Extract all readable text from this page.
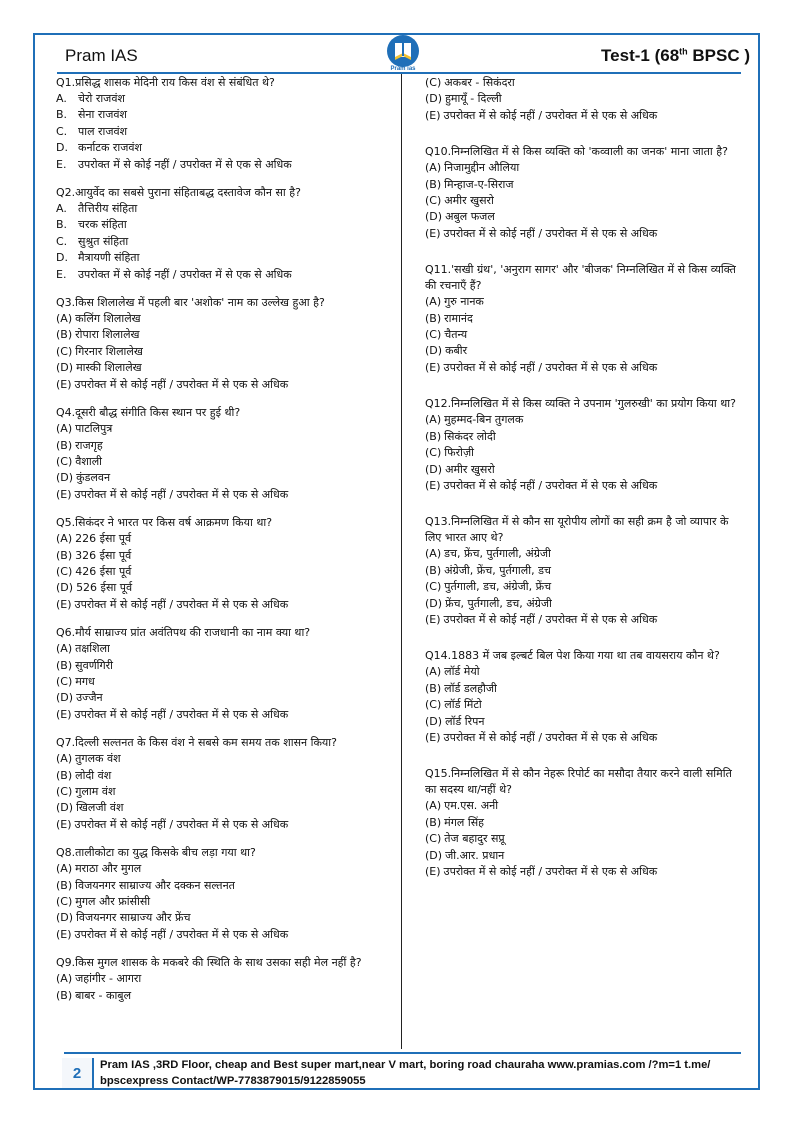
Pram IAS
Pram ias
Test-1 (68th BPSC )
Q1.प्रसिद्ध शासक मेदिनी राय किस वंश से संबंधित थे?
A.	चेरो राजवंश
B. सेना राजवंश
C. पाल राजवंश
D. कर्नाटक राजवंश
E.	उपरोक्त में से कोई नहीं / उपरोक्त में से एक से अधिक
Q2.आयुर्वेद का सबसे पुराना संहिताबद्ध दस्तावेज कौन सा है?
A.	तैत्तिरीय संहिता
B. चरक संहिता
C. सुश्रुत संहिता
D. मैत्रायणी संहिता
E.	उपरोक्त में से कोई नहीं / उपरोक्त में से एक से अधिक
Q3.किस शिलालेख में पहली बार 'अशोक' नाम का उल्लेख हुआ है?
(A) कलिंग शिलालेख
(B) रोपारा शिलालेख
(C) गिरनार शिलालेख
(D) मास्की शिलालेख
(E) उपरोक्त में से कोई नहीं / उपरोक्त में से एक से अधिक
Q4.दूसरी बौद्ध संगीति किस स्थान पर हुई थी?
(A) पाटलिपुत्र
(B) राजगृह
(C) वैशाली
(D) कुंडलवन
(E) उपरोक्त में से कोई नहीं / उपरोक्त में से एक से अधिक
Q5.सिकंदर ने भारत पर किस वर्ष आक्रमण किया था?
(A) 226 ईसा पूर्व
(B) 326 ईसा पूर्व
(C) 426 ईसा पूर्व
(D) 526 ईसा पूर्व
(E) उपरोक्त में से कोई नहीं / उपरोक्त में से एक से अधिक
Q6.मौर्य साम्राज्य प्रांत अवंतिपथ की राजधानी का नाम क्या था?
(A) तक्षशिला
(B) सुवर्णगिरी
(C) मगध
(D) उज्जैन
(E) उपरोक्त में से कोई नहीं / उपरोक्त में से एक से अधिक
Q7.दिल्ली सल्तनत के किस वंश ने सबसे कम समय तक शासन किया?
(A) तुगलक वंश
(B) लोदी वंश
(C) गुलाम वंश
(D) खिलजी वंश
(E) उपरोक्त में से कोई नहीं / उपरोक्त में से एक से अधिक
Q8.तालीकोटा का युद्ध किसके बीच लड़ा गया था?
(A) मराठा और मुगल
(B) विजयनगर साम्राज्य और दक्कन सल्तनत
(C) मुगल और फ्रांसीसी
(D) विजयनगर साम्राज्य और फ्रेंच
(E) उपरोक्त में से कोई नहीं / उपरोक्त में से एक से अधिक
Q9.किस मुगल शासक के मकबरे की स्थिति के साथ उसका सही मेल नहीं है?
(A) जहांगीर - आगरा
(B) बाबर - काबुल
(C) अकबर - सिकंदरा
(D) हुमायूँ - दिल्ली
(E) उपरोक्त में से कोई नहीं / उपरोक्त में से एक से अधिक
Q10.निम्नलिखित में से किस व्यक्ति को 'कव्वाली का जनक' माना जाता है?
(A) निजामुद्दीन औलिया
(B) मिन्हाज-ए-सिराज
(C) अमीर खुसरो
(D) अबुल फजल
(E) उपरोक्त में से कोई नहीं / उपरोक्त में से एक से अधिक
Q11.'सखी ग्रंथ', 'अनुराग सागर' और 'बीजक' निम्नलिखित में से किस व्यक्ति की रचनाएँ हैं?
(A) गुरु नानक
(B) रामानंद
(C) चैतन्य
(D) कबीर
(E) उपरोक्त में से कोई नहीं / उपरोक्त में से एक से अधिक
Q12.निम्नलिखित में से किस व्यक्ति ने उपनाम 'गुलरुखी' का प्रयोग किया था?
(A) मुहम्मद-बिन तुगलक
(B) सिकंदर लोदी
(C) फिरोज़ी
(D) अमीर खुसरो
(E) उपरोक्त में से कोई नहीं / उपरोक्त में से एक से अधिक
Q13.निम्नलिखित में से कौन सा यूरोपीय लोगों का सही क्रम है जो व्यापार के लिए भारत आए थे?
(A) डच, फ्रेंच, पुर्तगाली, अंग्रेजी
(B) अंग्रेजी, फ्रेंच, पुर्तगाली, डच
(C) पुर्तगाली, डच, अंग्रेजी, फ्रेंच
(D) फ्रेंच, पुर्तगाली, डच, अंग्रेजी
(E) उपरोक्त में से कोई नहीं / उपरोक्त में से एक से अधिक
Q14.1883 में जब इल्बर्ट बिल पेश किया गया था तब वायसराय कौन थे?
(A) लॉर्ड मेयो
(B) लॉर्ड डलहौजी
(C) लॉर्ड मिंटो
(D) लॉर्ड रिपन
(E) उपरोक्त में से कोई नहीं / उपरोक्त में से एक से अधिक
Q15.निम्नलिखित में से कौन नेहरू रिपोर्ट का मसौदा तैयार करने वाली समिति का सदस्य था/नहीं थे?
(A) एम.एस. अनी
(B) मंगल सिंह
(C) तेज बहादुर सप्रू
(D) जी.आर. प्रधान
(E) उपरोक्त में से कोई नहीं / उपरोक्त में से एक से अधिक
2	Pram IAS ,3RD Floor, cheap and Best super mart,near V mart, boring road chauraha www.pramias.com /?m=1 t.me/
bpscexpress Contact/WP-7783879015/9122859055
